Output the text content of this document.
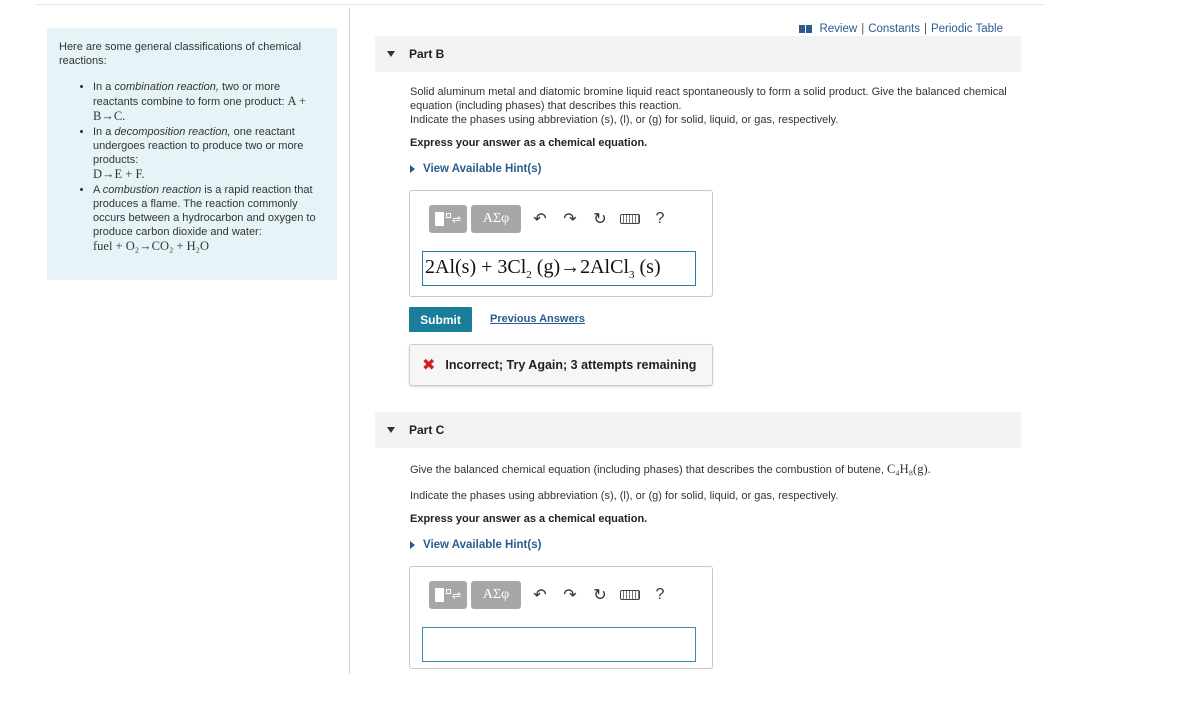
Review | Constants | Periodic Table

Here are some general classifications of chemical reactions:

• In a combination reaction, two or more reactants combine to form one product: A + B→C.
• In a decomposition reaction, one reactant undergoes reaction to produce two or more products:
D→E + F.
• A combustion reaction is a rapid reaction that produces a flame. The reaction commonly occurs between a hydrocarbon and oxygen to produce carbon dioxide and water:
fuel + O₂→CO₂ + H₂O
Part B
Solid aluminum metal and diatomic bromine liquid react spontaneously to form a solid product. Give the balanced chemical equation (including phases) that describes this reaction.
Indicate the phases using abbreviation (s), (l), or (g) for solid, liquid, or gas, respectively.
Express your answer as a chemical equation.
View Available Hint(s)
⇌	ΑΣφ	↶	↷	↻	?
$2Al(s) + 3Cl_2$ (g)→2AlCl$_3$ (s)
Submit	Previous Answers
✖ Incorrect; Try Again; 3 attempts remaining
Part C
Give the balanced chemical equation (including phases) that describes the combustion of butene, C₄H₈(g).
Indicate the phases using abbreviation (s), (l), or (g) for solid, liquid, or gas, respectively.
Express your answer as a chemical equation.
View Available Hint(s)
⇌	ΑΣφ	↶	↷	↻	?
